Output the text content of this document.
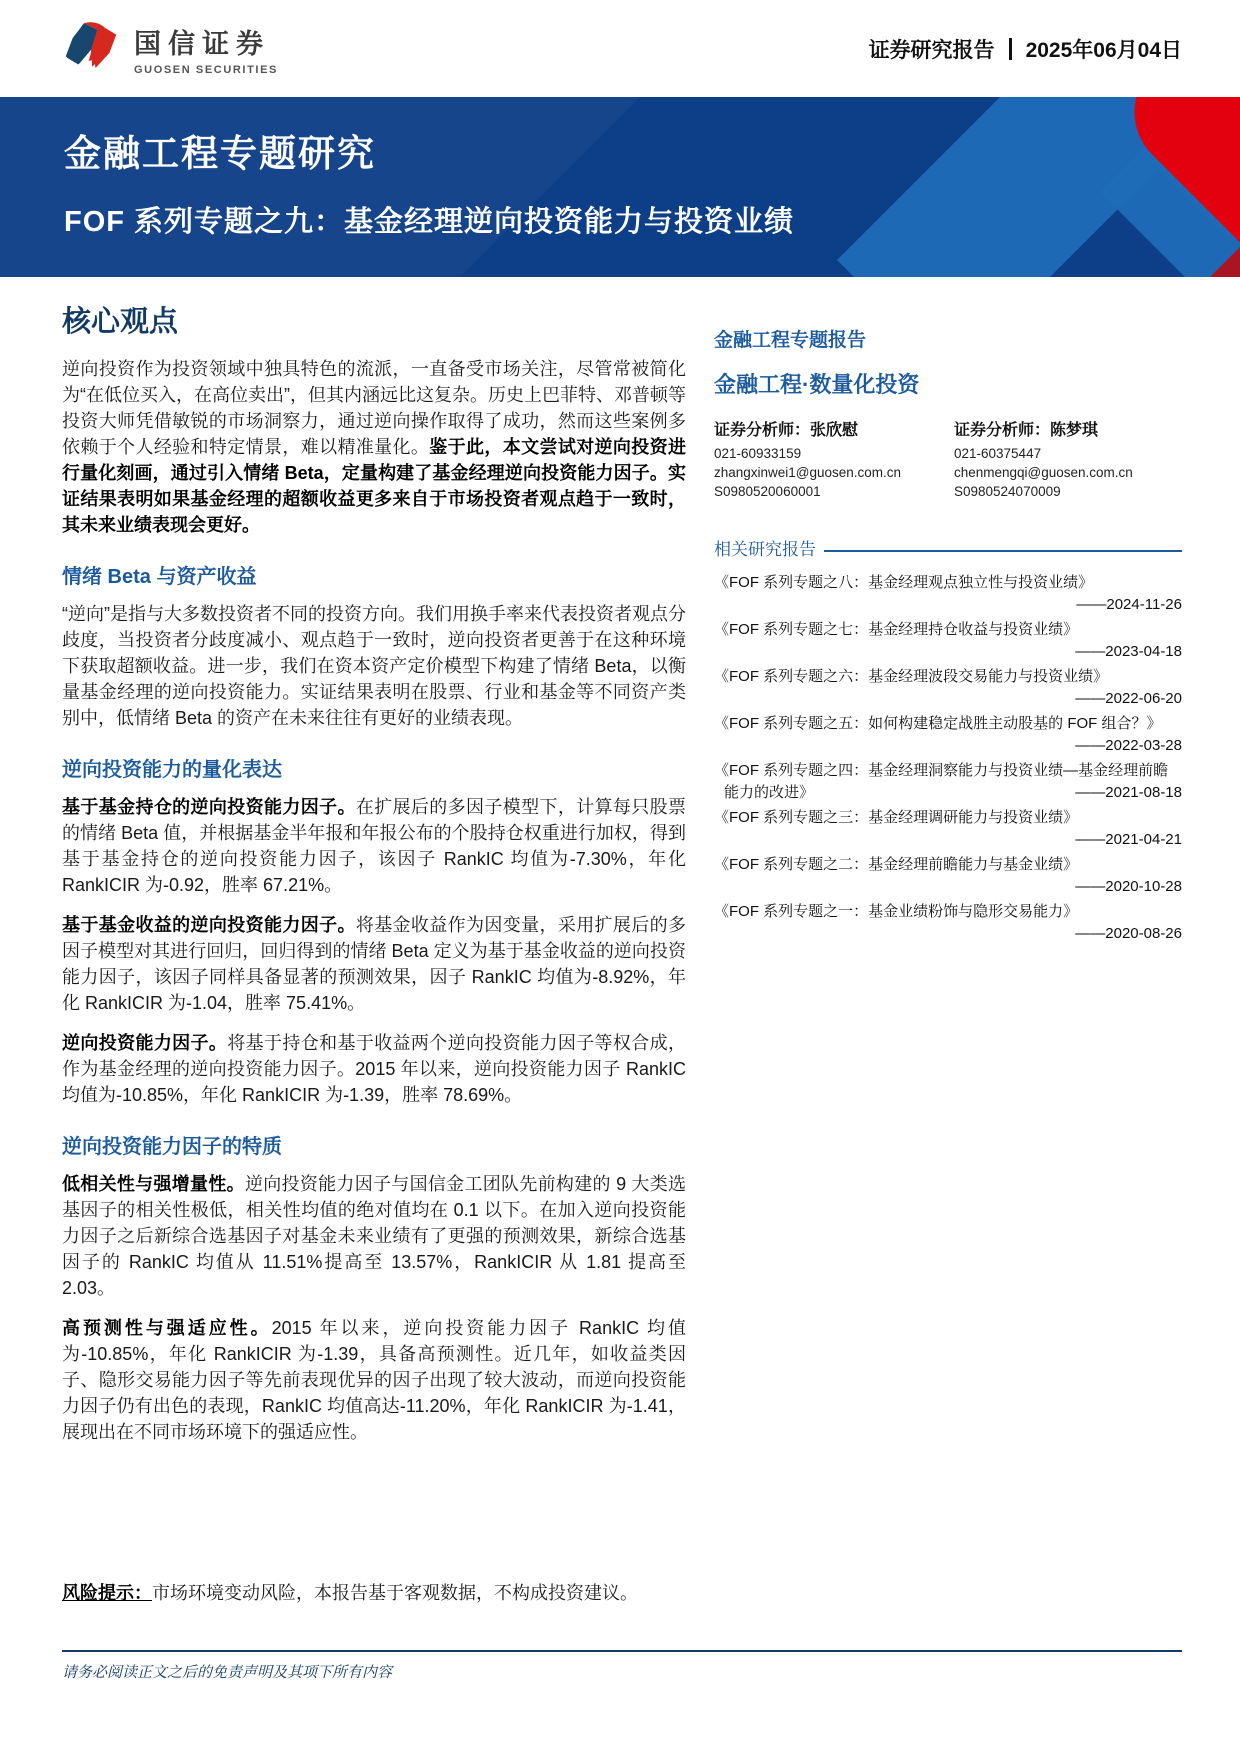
国信证券
GUOSEN SECURITIES
证券研究报告 2025年06月04日
金融工程专题研究
FOF 系列专题之九：基金经理逆向投资能力与投资业绩
核心观点

逆向投资作为投资领域中独具特色的流派，一直备受市场关注，尽管常被简化为“在低位买入，在高位卖出”，但其内涵远比这复杂。历史上巴菲特、邓普顿等投资大师凭借敏锐的市场洞察力，通过逆向操作取得了成功，然而这些案例多依赖于个人经验和特定情景，难以精准量化。鉴于此，本文尝试对逆向投资进行量化刻画，通过引入情绪 Beta，定量构建了基金经理逆向投资能力因子。实证结果表明如果基金经理的超额收益更多来自于市场投资者观点趋于一致时，其未来业绩表现会更好。

情绪 Beta 与资产收益

“逆向”是指与大多数投资者不同的投资方向。我们用换手率来代表投资者观点分歧度，当投资者分歧度减小、观点趋于一致时，逆向投资者更善于在这种环境下获取超额收益。进一步，我们在资本资产定价模型下构建了情绪 Beta，以衡量基金经理的逆向投资能力。实证结果表明在股票、行业和基金等不同资产类别中，低情绪 Beta 的资产在未来往往有更好的业绩表现。

逆向投资能力的量化表达

基于基金持仓的逆向投资能力因子。在扩展后的多因子模型下，计算每只股票的情绪 Beta 值，并根据基金半年报和年报公布的个股持仓权重进行加权，得到基于基金持仓的逆向投资能力因子，该因子 RankIC 均值为-7.30%，年化 RankICIR 为-0.92，胜率 67.21%。

基于基金收益的逆向投资能力因子。将基金收益作为因变量，采用扩展后的多因子模型对其进行回归，回归得到的情绪 Beta 定义为基于基金收益的逆向投资能力因子，该因子同样具备显著的预测效果，因子 RankIC 均值为-8.92%，年化 RankICIR 为-1.04，胜率 75.41%。

逆向投资能力因子。将基于持仓和基于收益两个逆向投资能力因子等权合成，作为基金经理的逆向投资能力因子。2015 年以来，逆向投资能力因子 RankIC 均值为-10.85%，年化 RankICIR 为-1.39，胜率 78.69%。

逆向投资能力因子的特质

低相关性与强增量性。逆向投资能力因子与国信金工团队先前构建的 9 大类选基因子的相关性极低，相关性均值的绝对值均在 0.1 以下。在加入逆向投资能力因子之后新综合选基因子对基金未来业绩有了更强的预测效果，新综合选基因子的 RankIC 均值从 11.51%提高至 13.57%，RankICIR 从 1.81 提高至 2.03。

高预测性与强适应性。2015 年以来，逆向投资能力因子 RankIC 均值为-10.85%，年化 RankICIR 为-1.39，具备高预测性。近几年，如收益类因子、隐形交易能力因子等先前表现优异的因子出现了较大波动，而逆向投资能力因子仍有出色的表现，RankIC 均值高达-11.20%，年化 RankICIR 为-1.41，展现出在不同市场环境下的强适应性。

金融工程专题报告
金融工程·数量化投资
证券分析师：张欣慰
021-60933159
zhangxinwei1@guosen.com.cn
S0980520060001
证券分析师：陈梦琪
021-60375447
chenmengqi@guosen.com.cn
S0980524070009
相关研究报告
《FOF 系列专题之八：基金经理观点独立性与投资业绩》
——2024-11-26
《FOF 系列专题之七：基金经理持仓收益与投资业绩》
——2023-04-18
《FOF 系列专题之六：基金经理波段交易能力与投资业绩》
——2022-06-20
《FOF 系列专题之五：如何构建稳定战胜主动股基的 FOF 组合？》
——2022-03-28
《FOF 系列专题之四：基金经理洞察能力与投资业绩—基金经理前瞻能力的改进》	——2021-08-18
《FOF 系列专题之三：基金经理调研能力与投资业绩》
——2021-04-21
《FOF 系列专题之二：基金经理前瞻能力与基金业绩》
——2020-10-28
《FOF 系列专题之一：基金业绩粉饰与隐形交易能力》
——2020-08-26

风险提示：市场环境变动风险，本报告基于客观数据，不构成投资建议。

请务必阅读正文之后的免责声明及其项下所有内容
